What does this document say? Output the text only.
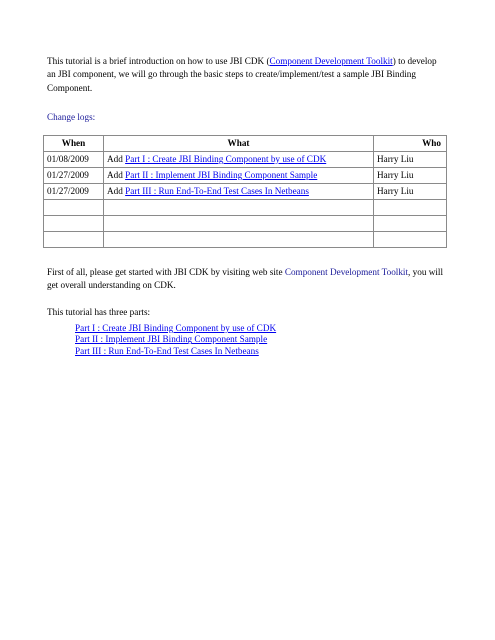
This tutorial is a brief introduction on how to use JBI CDK (Component Development Toolkit) to develop an JBI component, we will go through the basic steps to create/implement/test a sample JBI Binding Component.

Change logs:
When	What	Who
01/08/2009	Add Part I : Create JBI Binding Component by use of CDK	Harry Liu
01/27/2009	Add Part II : Implement JBI Binding Component Sample	Harry Liu
01/27/2009	Add Part III : Run End-To-End Test Cases In Netbeans	Harry Liu

First of all, please get started with JBI CDK by visiting web site Component Development Toolkit, you will get overall understanding on CDK.

This tutorial has three parts:
Part I : Create JBI Binding Component by use of CDK
Part II : Implement JBI Binding Component Sample
Part III : Run End-To-End Test Cases In Netbeans
